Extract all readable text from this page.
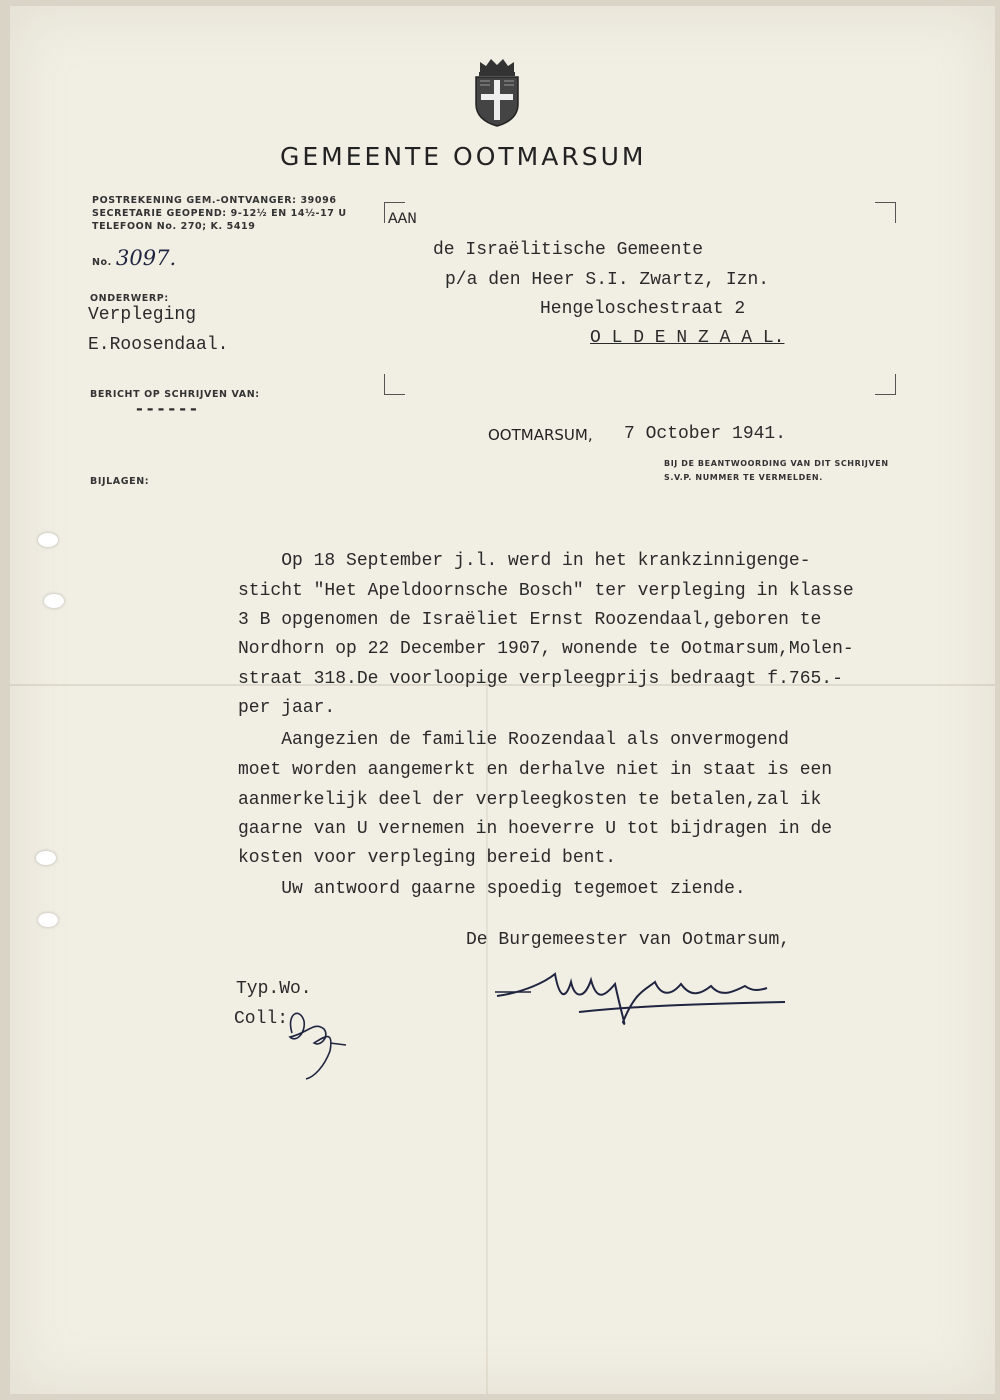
GEMEENTE OOTMARSUM
POSTREKENING GEM.-ONTVANGER: 39096
SECRETARIE GEOPEND: 9-12½ EN 14½-17 U
TELEFOON No. 270; K. 5419
No. 3097.
ONDERWERP:
Verpleging
E.Roosendaal.
BERICHT OP SCHRIJVEN VAN:
------
BIJLAGEN:
AAN
de Israëlitische Gemeente
p/a den Heer S.I. Zwartz, Izn.
Hengeloschestraat 2
O L D E N Z A A L.
OOTMARSUM, 7 October 1941.
BIJ DE BEANTWOORDING VAN DIT SCHRIJVEN
S.V.P. NUMMER TE VERMELDEN.
Op 18 September j.l. werd in het krankzinnigenge-
sticht "Het Apeldoornsche Bosch" ter verpleging in klasse
3 B opgenomen de Israëliet Ernst Roozendaal,geboren te
Nordhorn op 22 December 1907, wonende te Ootmarsum,Molen-
straat 318.De voorloopige verpleegprijs bedraagt f.765.-
per jaar.
Aangezien de familie Roozendaal als onvermogend
moet worden aangemerkt en derhalve niet in staat is een
aanmerkelijk deel der verpleegkosten te betalen,zal ik
gaarne van U vernemen in hoeverre U tot bijdragen in de
kosten voor verpleging bereid bent.
Uw antwoord gaarne spoedig tegemoet ziende.
De Burgemeester van Ootmarsum,
Typ.Wo.
Coll:
